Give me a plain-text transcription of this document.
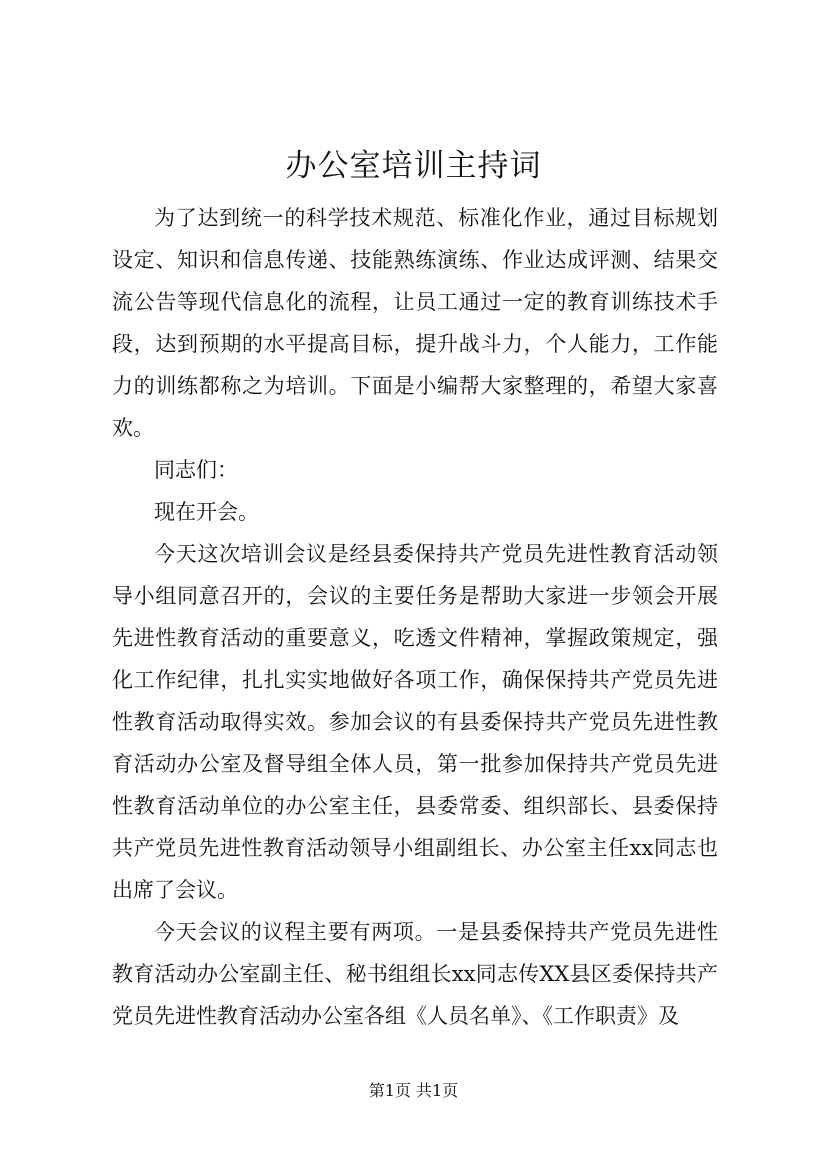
办公室培训主持词

为了达到统一的科学技术规范、标准化作业，通过目标规划设定、知识和信息传递、技能熟练演练、作业达成评测、结果交流公告等现代信息化的流程，让员工通过一定的教育训练技术手段，达到预期的水平提高目标，提升战斗力，个人能力，工作能力的训练都称之为培训。下面是小编帮大家整理的，希望大家喜欢。

同志们：

现在开会。

今天这次培训会议是经县委保持共产党员先进性教育活动领导小组同意召开的，会议的主要任务是帮助大家进一步领会开展先进性教育活动的重要意义，吃透文件精神，掌握政策规定，强化工作纪律，扎扎实实地做好各项工作，确保保持共产党员先进性教育活动取得实效。参加会议的有县委保持共产党员先进性教育活动办公室及督导组全体人员，第一批参加保持共产党员先进性教育活动单位的办公室主任，县委常委、组织部长、县委保持共产党员先进性教育活动领导小组副组长、办公室主任xx同志也出席了会议。

今天会议的议程主要有两项。一是县委保持共产党员先进性教育活动办公室副主任、秘书组组长xx同志传XX县区委保持共产党员先进性教育活动办公室各组《人员名单》、《工作职责》及

第1页 共1页
